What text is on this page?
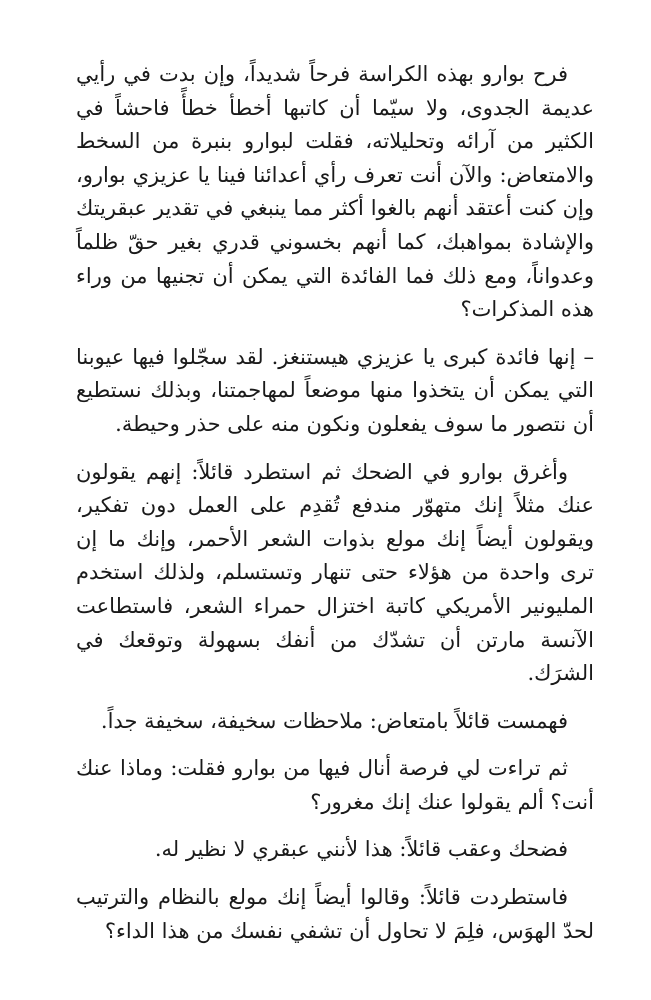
فرح بوارو بهذه الكراسة فرحاً شديداً، وإن بدت في رأيي عديمة الجدوى، ولا سيّما أن كاتبها أخطأ خطأً فاحشاً في الكثير من آرائه وتحليلاته، فقلت لبوارو بنبرة من السخط والامتعاض: والآن أنت تعرف رأي أعدائنا فينا يا عزيزي بوارو، وإن كنت أعتقد أنهم بالغوا أكثر مما ينبغي في تقدير عبقريتك والإشادة بمواهبك، كما أنهم بخسوني قدري بغير حقّ ظلماً وعدواناً، ومع ذلك فما الفائدة التي يمكن أن تجنيها من وراء هذه المذكرات؟

– إنها فائدة كبرى يا عزيزي هيستنغز. لقد سجّلوا فيها عيوبنا التي يمكن أن يتخذوا منها موضعاً لمهاجمتنا، وبذلك نستطيع أن نتصور ما سوف يفعلون ونكون منه على حذر وحيطة.

وأغرق بوارو في الضحك ثم استطرد قائلاً: إنهم يقولون عنك مثلاً إنك متهوّر مندفع تُقدِم على العمل دون تفكير، ويقولون أيضاً إنك مولع بذوات الشعر الأحمر، وإنك ما إن ترى واحدة من هؤلاء حتى تنهار وتستسلم، ولذلك استخدم المليونير الأمريكي كاتبة اختزال حمراء الشعر، فاستطاعت الآنسة مارتن أن تشدّك من أنفك بسهولة وتوقعك في الشرَك.

فهمست قائلاً بامتعاض: ملاحظات سخيفة، سخيفة جداً.

ثم تراءت لي فرصة أنال فيها من بوارو فقلت: وماذا عنك أنت؟ ألم يقولوا عنك إنك مغرور؟

فضحك وعقب قائلاً: هذا لأنني عبقري لا نظير له.

فاستطردت قائلاً: وقالوا أيضاً إنك مولع بالنظام والترتيب لحدّ الهوَس، فلِمَ لا تحاول أن تشفي نفسك من هذا الداء؟
